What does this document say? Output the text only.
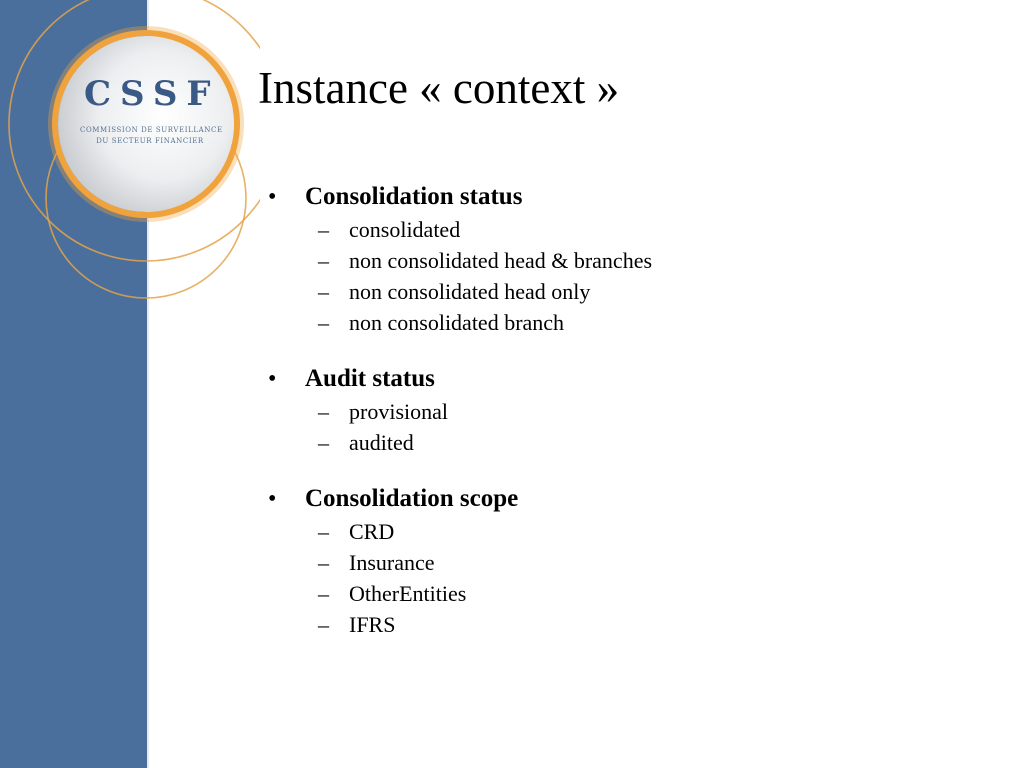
CSSF
COMMISSION DE SURVEILLANCE
DU SECTEUR FINANCIER
Instance « context »
• Consolidation status
– consolidated
– non consolidated head & branches
– non consolidated head only
– non consolidated branch
• Audit status
– provisional
– audited
• Consolidation scope
– CRD
– Insurance
– OtherEntities
– IFRS
